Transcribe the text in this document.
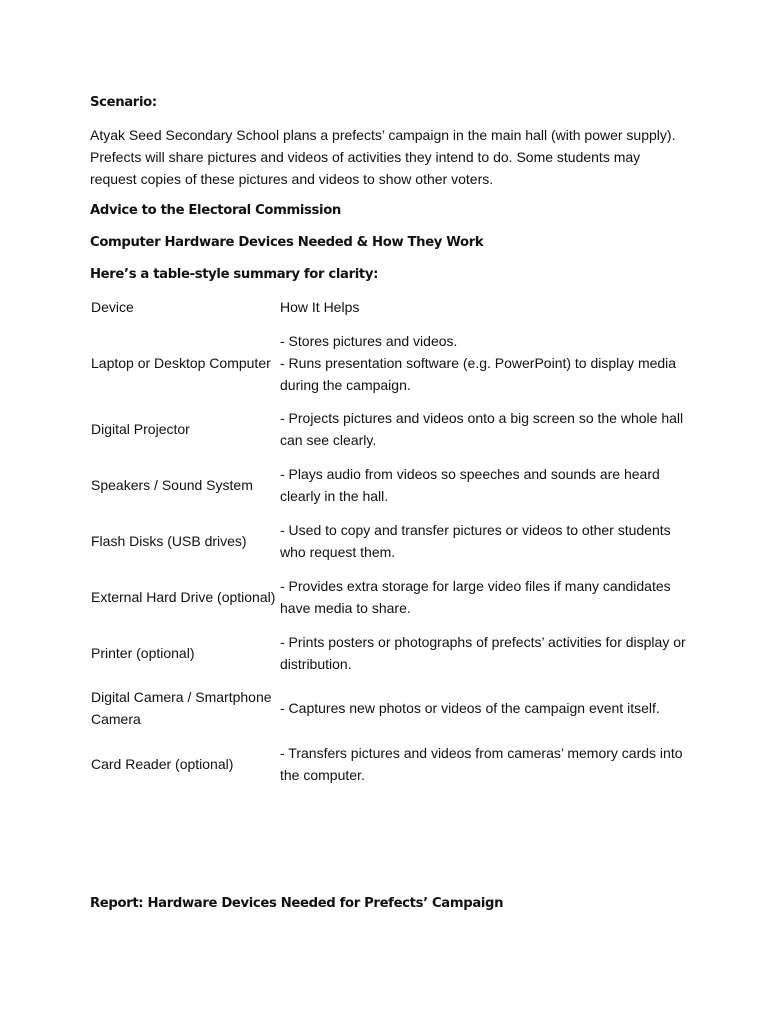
Scenario:
Atyak Seed Secondary School plans a prefects’ campaign in the main hall (with power supply).
Prefects will share pictures and videos of activities they intend to do. Some students may
request copies of these pictures and videos to show other voters.
Advice to the Electoral Commission
Computer Hardware Devices Needed & How They Work
Here’s a table-style summary for clarity:
Device	How It Helps
Laptop or Desktop Computer
- Stores pictures and videos.
- Runs presentation software (e.g. PowerPoint) to display media during the campaign.
Digital Projector
- Projects pictures and videos onto a big screen so the whole hall can see clearly.
Speakers / Sound System
- Plays audio from videos so speeches and sounds are heard clearly in the hall.
Flash Disks (USB drives)
- Used to copy and transfer pictures or videos to other students who request them.
External Hard Drive (optional)
- Provides extra storage for large video files if many candidates have media to share.
Printer (optional)
- Prints posters or photographs of prefects’ activities for display or distribution.
Digital Camera / Smartphone Camera
- Captures new photos or videos of the campaign event itself.
Card Reader (optional)
- Transfers pictures and videos from cameras’ memory cards into the computer.
Report: Hardware Devices Needed for Prefects’ Campaign
